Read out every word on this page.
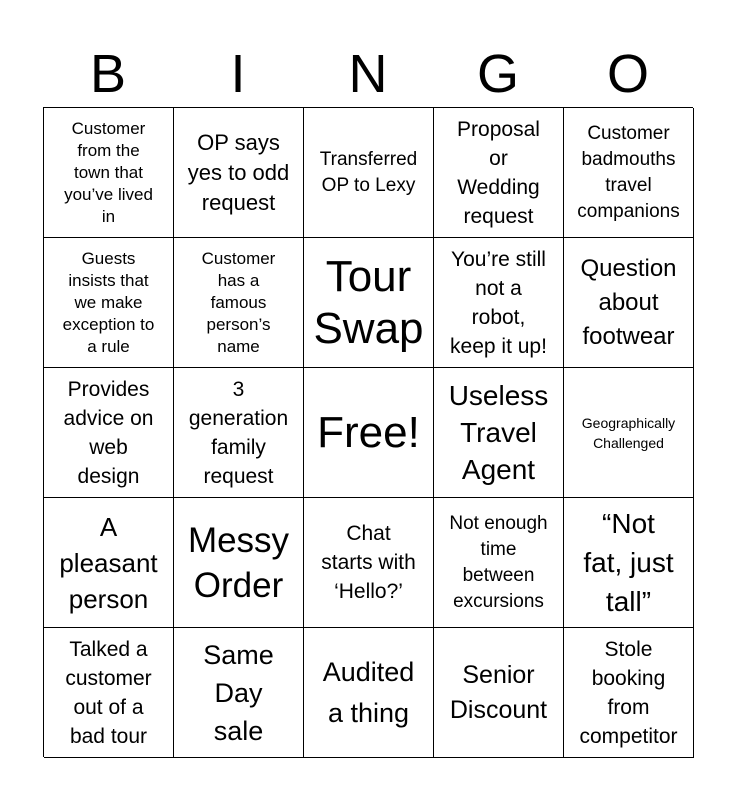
B	I	N	G	O
Customer
from the
town that
you’ve lived
in
OP says
yes to odd
request
Transferred
OP to Lexy
Proposal
or
Wedding
request
Customer
badmouths
travel
companions
Guests
insists that
we make
exception to
a rule
Customer
has a
famous
person’s
name
Tour
Swap
You’re still
not a
robot,
keep it up!
Question
about
footwear
Provides
advice on
web
design
3
generation
family
request
Free!
Useless
Travel
Agent
Geographically
Challenged
A
pleasant
person
Messy
Order
Chat
starts with
‘Hello?’
Not enough
time
between
excursions
“Not
fat, just
tall”
Talked a
customer
out of a
bad tour
Same
Day
sale
Audited
a thing
Senior
Discount
Stole
booking
from
competitor
